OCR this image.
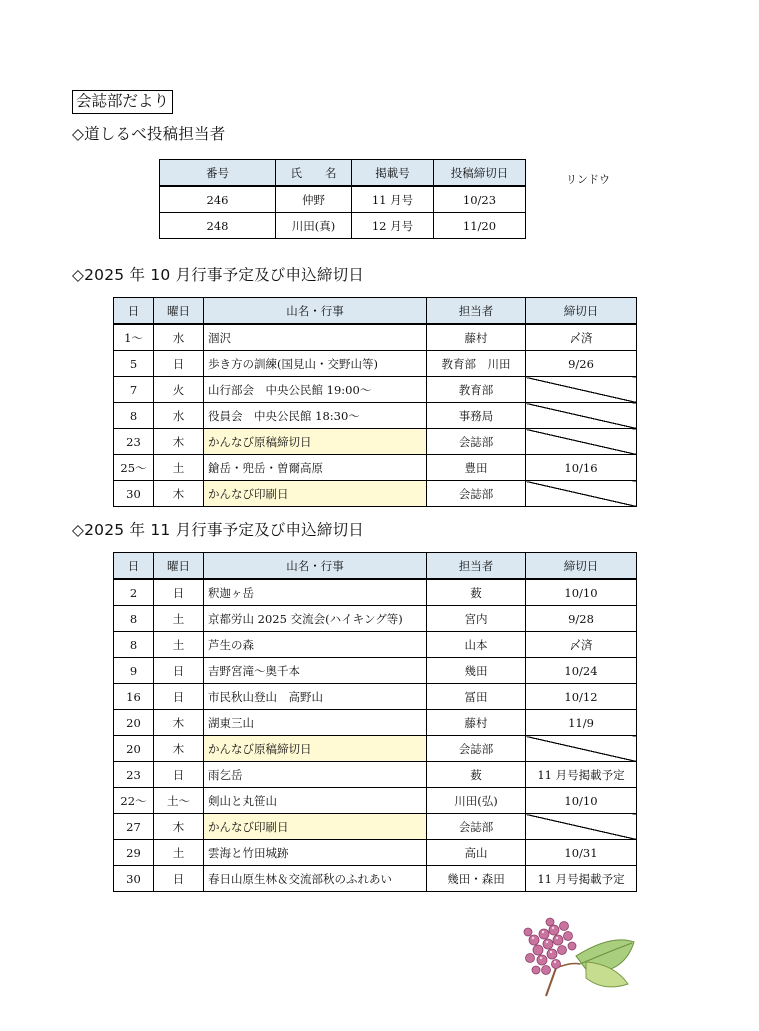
会誌部だより
◇道しるべ投稿担当者
番号	氏　　名	掲載号	投稿締切日
246	仲野	11 月号	10/23
248	川田(真)	12 月号	11/20
リンドウ
◇2025 年 10 月行事予定及び申込締切日
日	曜日	山名・行事	担当者	締切日
1～	水	涸沢	藤村	〆済
5	日	歩き方の訓練(国見山・交野山等)	教育部　川田	9/26
7	火	山行部会　中央公民館 19:00～	教育部	
8	水	役員会　中央公民館 18:30～	事務局	
23	木	かんなび原稿締切日	会誌部	
25～	土	鎗岳・兜岳・曽爾高原	豊田	10/16
30	木	かんなび印刷日	会誌部	
◇2025 年 11 月行事予定及び申込締切日
日	曜日	山名・行事	担当者	締切日
2	日	釈迦ヶ岳	薮	10/10
8	土	京都労山 2025 交流会(ハイキング等)	宮内	9/28
8	土	芦生の森	山本	〆済
9	日	吉野宮滝～奥千本	幾田	10/24
16	日	市民秋山登山　高野山	冨田	10/12
20	木	湖東三山	藤村	11/9
20	木	かんなび原稿締切日	会誌部	
23	日	雨乞岳	薮	11 月号掲載予定
22～	土～	剣山と丸笹山	川田(弘)	10/10
27	木	かんなび印刷日	会誌部	
29	土	雲海と竹田城跡	高山	10/31
30	日	春日山原生林＆交流部秋のふれあい	幾田・森田	11 月号掲載予定
